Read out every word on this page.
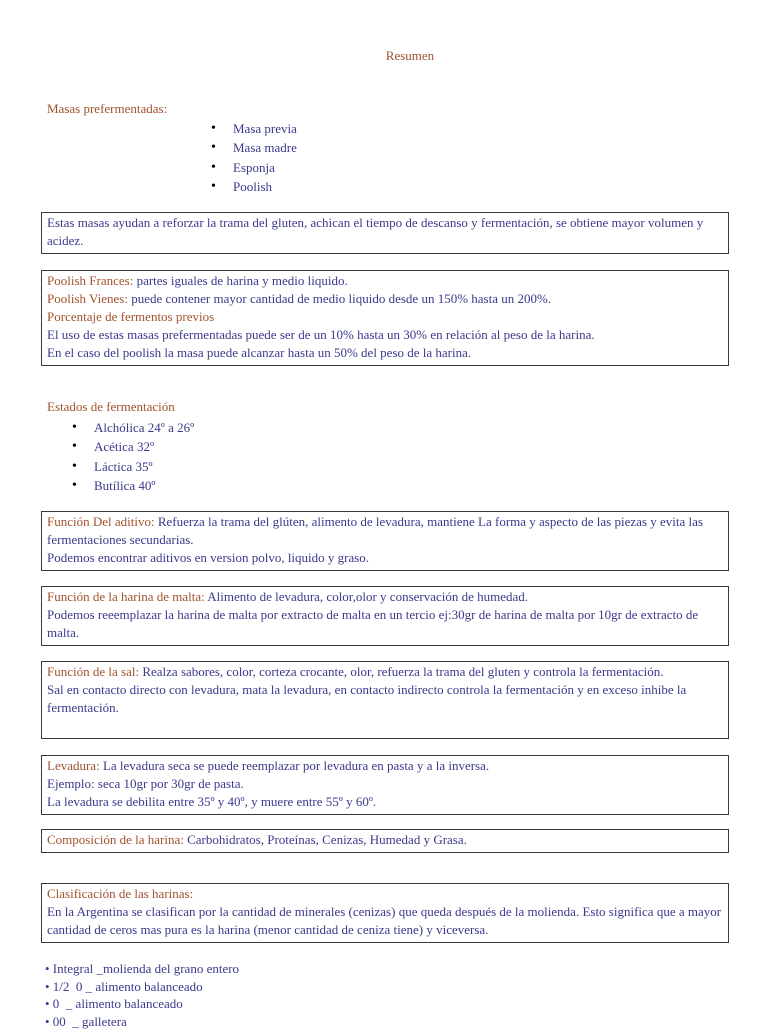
Resumen
Masas prefermentadas:
• Masa previa
• Masa madre
• Esponja
• Poolish

Estas masas ayudan a reforzar la trama del gluten, achican el tiempo de descanso y fermentación, se obtiene mayor volumen y acidez.

Poolish Frances: partes iguales de harina y medio liquido.

Poolish Vienes: puede contener mayor cantidad de medio liquido desde un 150% hasta un 200%.

Porcentaje de fermentos previos

El uso de estas masas prefermentadas puede ser de un 10% hasta un 30% en relación al peso de la harina.

En el caso del poolish la masa puede alcanzar hasta un 50% del peso de la harina.

Estados de fermentación
• Alchólica 24º a 26º
• Acética 32º
• Láctica 35º
• Butílica 40º

Función Del aditivo: Refuerza la trama del glúten, alimento de levadura, mantiene La forma y aspecto de las piezas y evita las fermentaciones secundarias.

Podemos encontrar aditivos en version polvo, liquido y graso.

Función de la harina de malta: Alimento de levadura, color,olor y conservación de humedad.

Podemos reeemplazar la harina de malta por extracto de malta en un tercio ej:30gr de harina de malta por 10gr de extracto de malta.

Función de la sal: Realza sabores, color, corteza crocante, olor, refuerza la trama del gluten y controla la fermentación.

Sal en contacto directo con levadura, mata la levadura, en contacto indirecto controla la fermentación y en exceso inhibe la fermentación.

Levadura: La levadura seca se puede reemplazar por levadura en pasta y a la inversa.

Ejemplo: seca 10gr por 30gr de pasta.

La levadura se debilita entre 35º y 40º, y muere entre 55º y 60º.

Composición de la harina: Carbohidratos, Proteínas, Cenizas, Humedad y Grasa.

Clasificación de las harinas:

En la Argentina se clasifican por la cantidad de minerales (cenizas) que queda después de la molienda. Esto significa que a mayor cantidad de ceros mas pura es la harina (menor cantidad de ceniza tiene) y viceversa.

• Integral _molienda del grano entero
• 1/2  0 _ alimento balanceado
• 0  _ alimento balanceado
• 00  _ galletera
